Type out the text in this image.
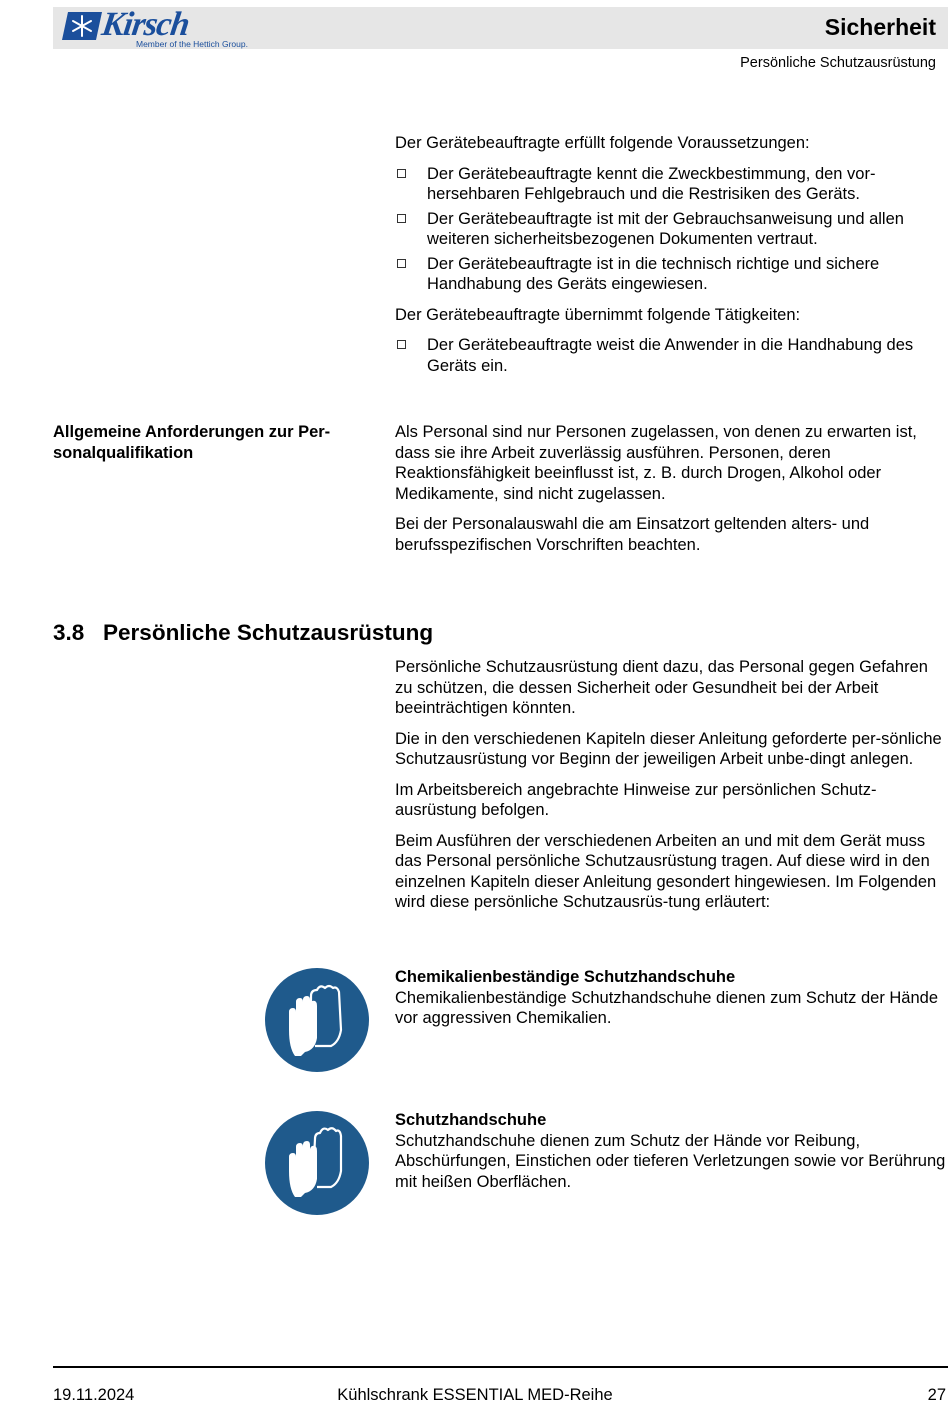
Kirsch
Member of the Hettich Group.
Sicherheit
Persönliche Schutzausrüstung

Der Gerätebeauftragte erfüllt folgende Voraussetzungen:

Der Gerätebeauftragte kennt die Zweckbestimmung, den vor-hersehbaren Fehlgebrauch und die Restrisiken des Geräts.
Der Gerätebeauftragte ist mit der Gebrauchsanweisung und allen weiteren sicherheitsbezogenen Dokumenten vertraut.
Der Gerätebeauftragte ist in die technisch richtige und sichere Handhabung des Geräts eingewiesen.

Der Gerätebeauftragte übernimmt folgende Tätigkeiten:

Der Gerätebeauftragte weist die Anwender in die Handhabung des Geräts ein.
Allgemeine Anforderungen zur Per-sonalqualifikation

Als Personal sind nur Personen zugelassen, von denen zu erwarten ist, dass sie ihre Arbeit zuverlässig ausführen. Personen, deren Reaktionsfähigkeit beeinflusst ist, z. B. durch Drogen, Alkohol oder Medikamente, sind nicht zugelassen.

Bei der Personalauswahl die am Einsatzort geltenden alters- und berufsspezifischen Vorschriften beachten.

3.8   Persönliche Schutzausrüstung

Persönliche Schutzausrüstung dient dazu, das Personal gegen Gefahren zu schützen, die dessen Sicherheit oder Gesundheit bei der Arbeit beeinträchtigen könnten.

Die in den verschiedenen Kapiteln dieser Anleitung geforderte per-sönliche Schutzausrüstung vor Beginn der jeweiligen Arbeit unbe-dingt anlegen.

Im Arbeitsbereich angebrachte Hinweise zur persönlichen Schutz-ausrüstung befolgen.

Beim Ausführen der verschiedenen Arbeiten an und mit dem Gerät muss das Personal persönliche Schutzausrüstung tragen. Auf diese wird in den einzelnen Kapiteln dieser Anleitung gesondert hingewiesen. Im Folgenden wird diese persönliche Schutzausrüs-tung erläutert:

Chemikalienbeständige Schutzhandschuhe
Chemikalienbeständige Schutzhandschuhe dienen zum Schutz der Hände vor aggressiven Chemikalien.
Schutzhandschuhe
Schutzhandschuhe dienen zum Schutz der Hände vor Reibung, Abschürfungen, Einstichen oder tieferen Verletzungen sowie vor Berührung mit heißen Oberflächen.
19.11.2024	Kühlschrank ESSENTIAL MED-Reihe	27
